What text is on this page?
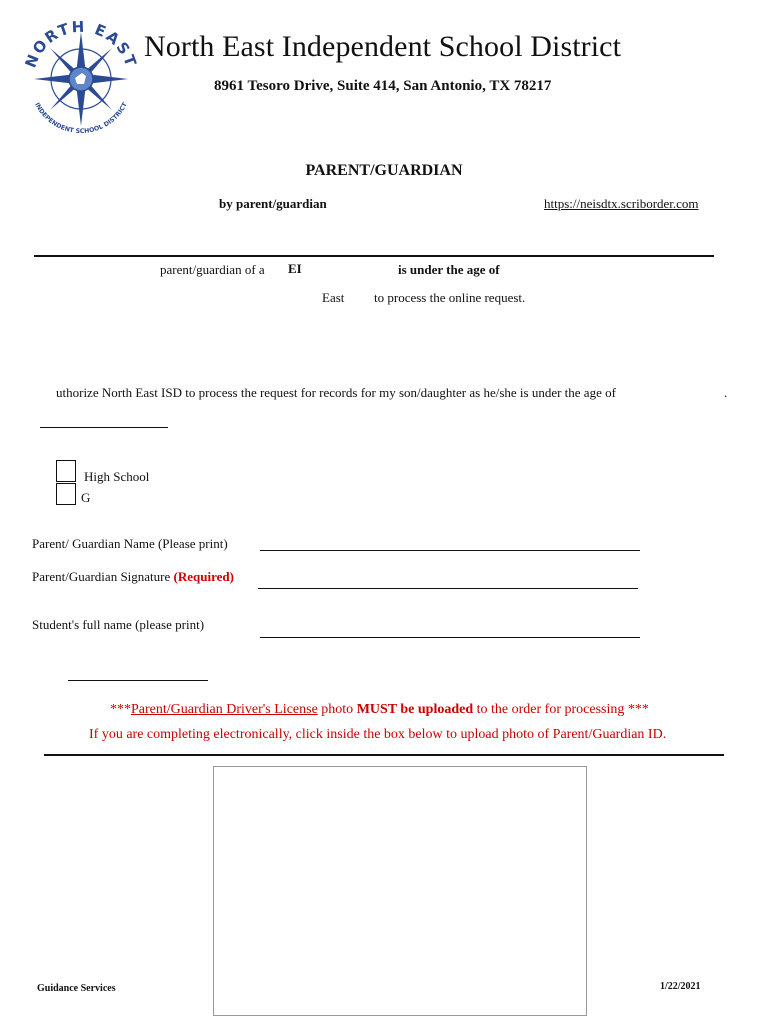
NORTH EAST
INDEPENDENT SCHOOL DISTRICT
North East Independent School District
8961 Tesoro Drive, Suite 414, San Antonio, TX 78217
PARENT/GUARDIAN
by parent/guardian	https://neisdtx.scriborder.com
parent/guardian of a EI	is under the age of
East to process the online request.
uthorize North East ISD to process the request for records for my son/daughter as he/she is under the age of	.
High School
G
Parent/ Guardian Name (Please print)
Parent/Guardian Signature (Required)
Student's full name (please print)
***Parent/Guardian Driver's License photo MUST be uploaded to the order for processing ***
If you are completing electronically, click inside the box below to upload photo of Parent/Guardian ID.
Guidance Services	1/22/2021
